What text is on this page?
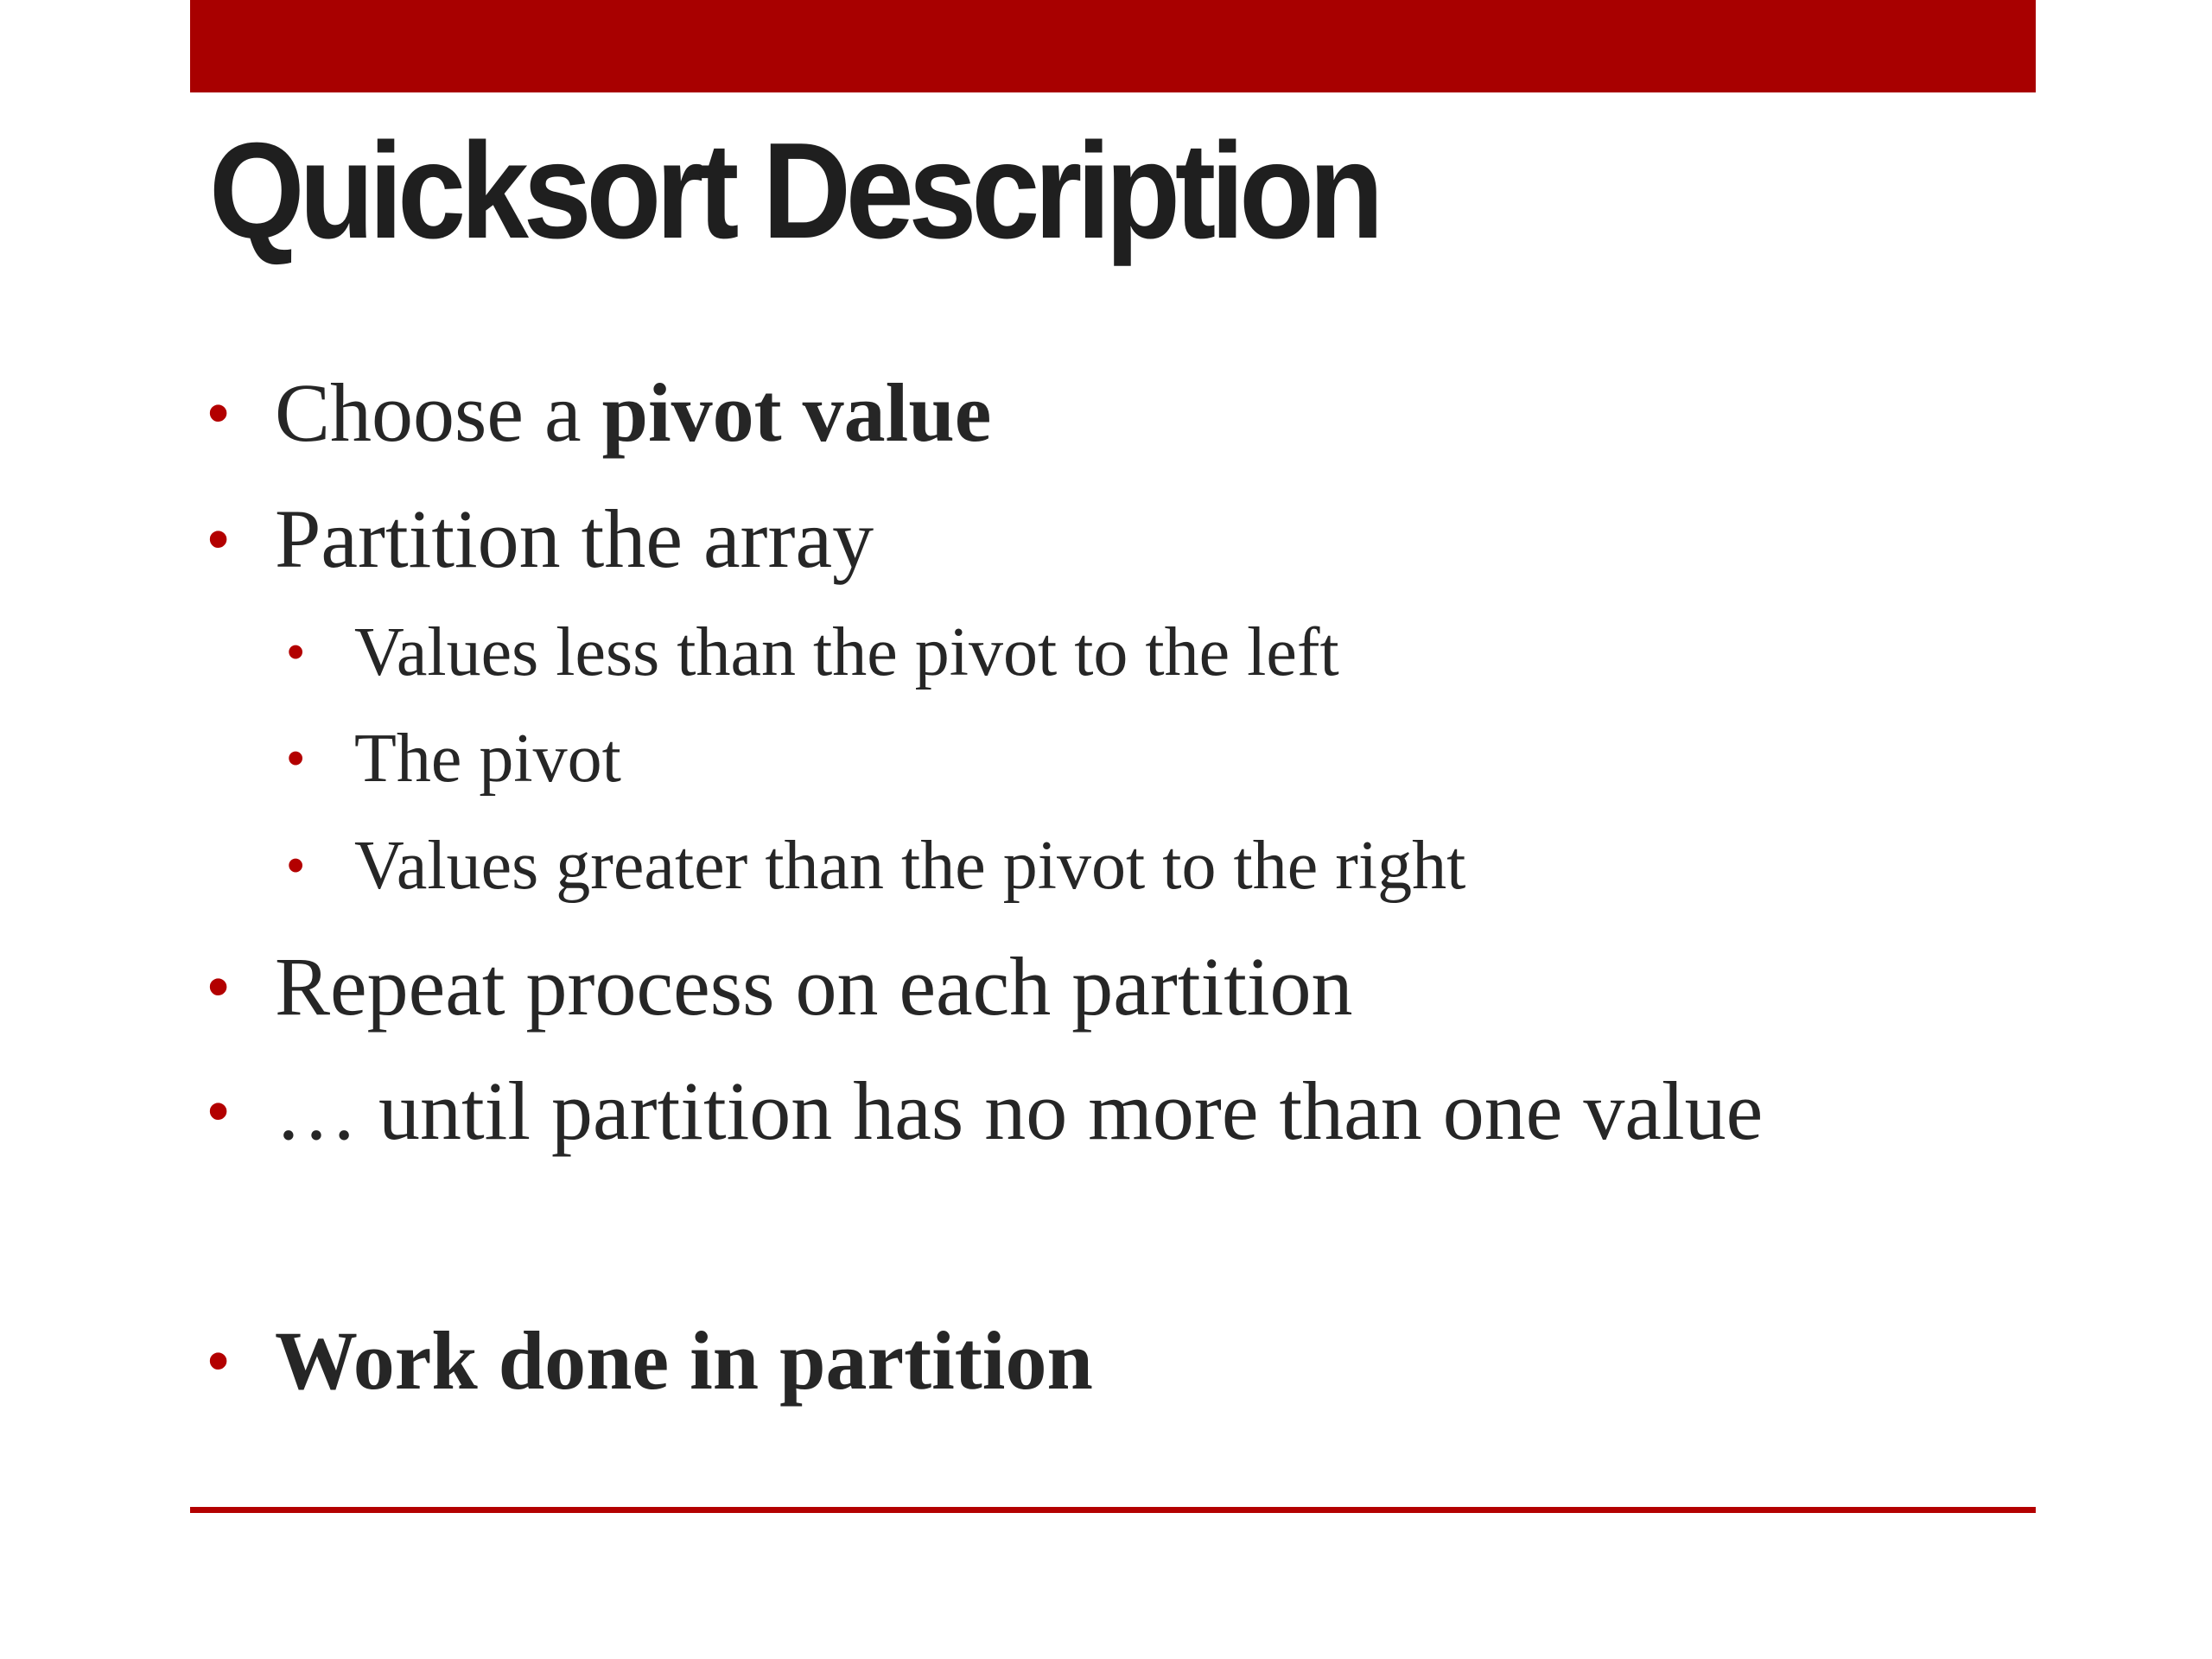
Quicksort Description
• Choose a pivot value
• Partition the array
• Values less than the pivot to the left
• The pivot
• Values greater than the pivot to the right
• Repeat process on each partition
• … until partition has no more than one value
• Work done in partition
